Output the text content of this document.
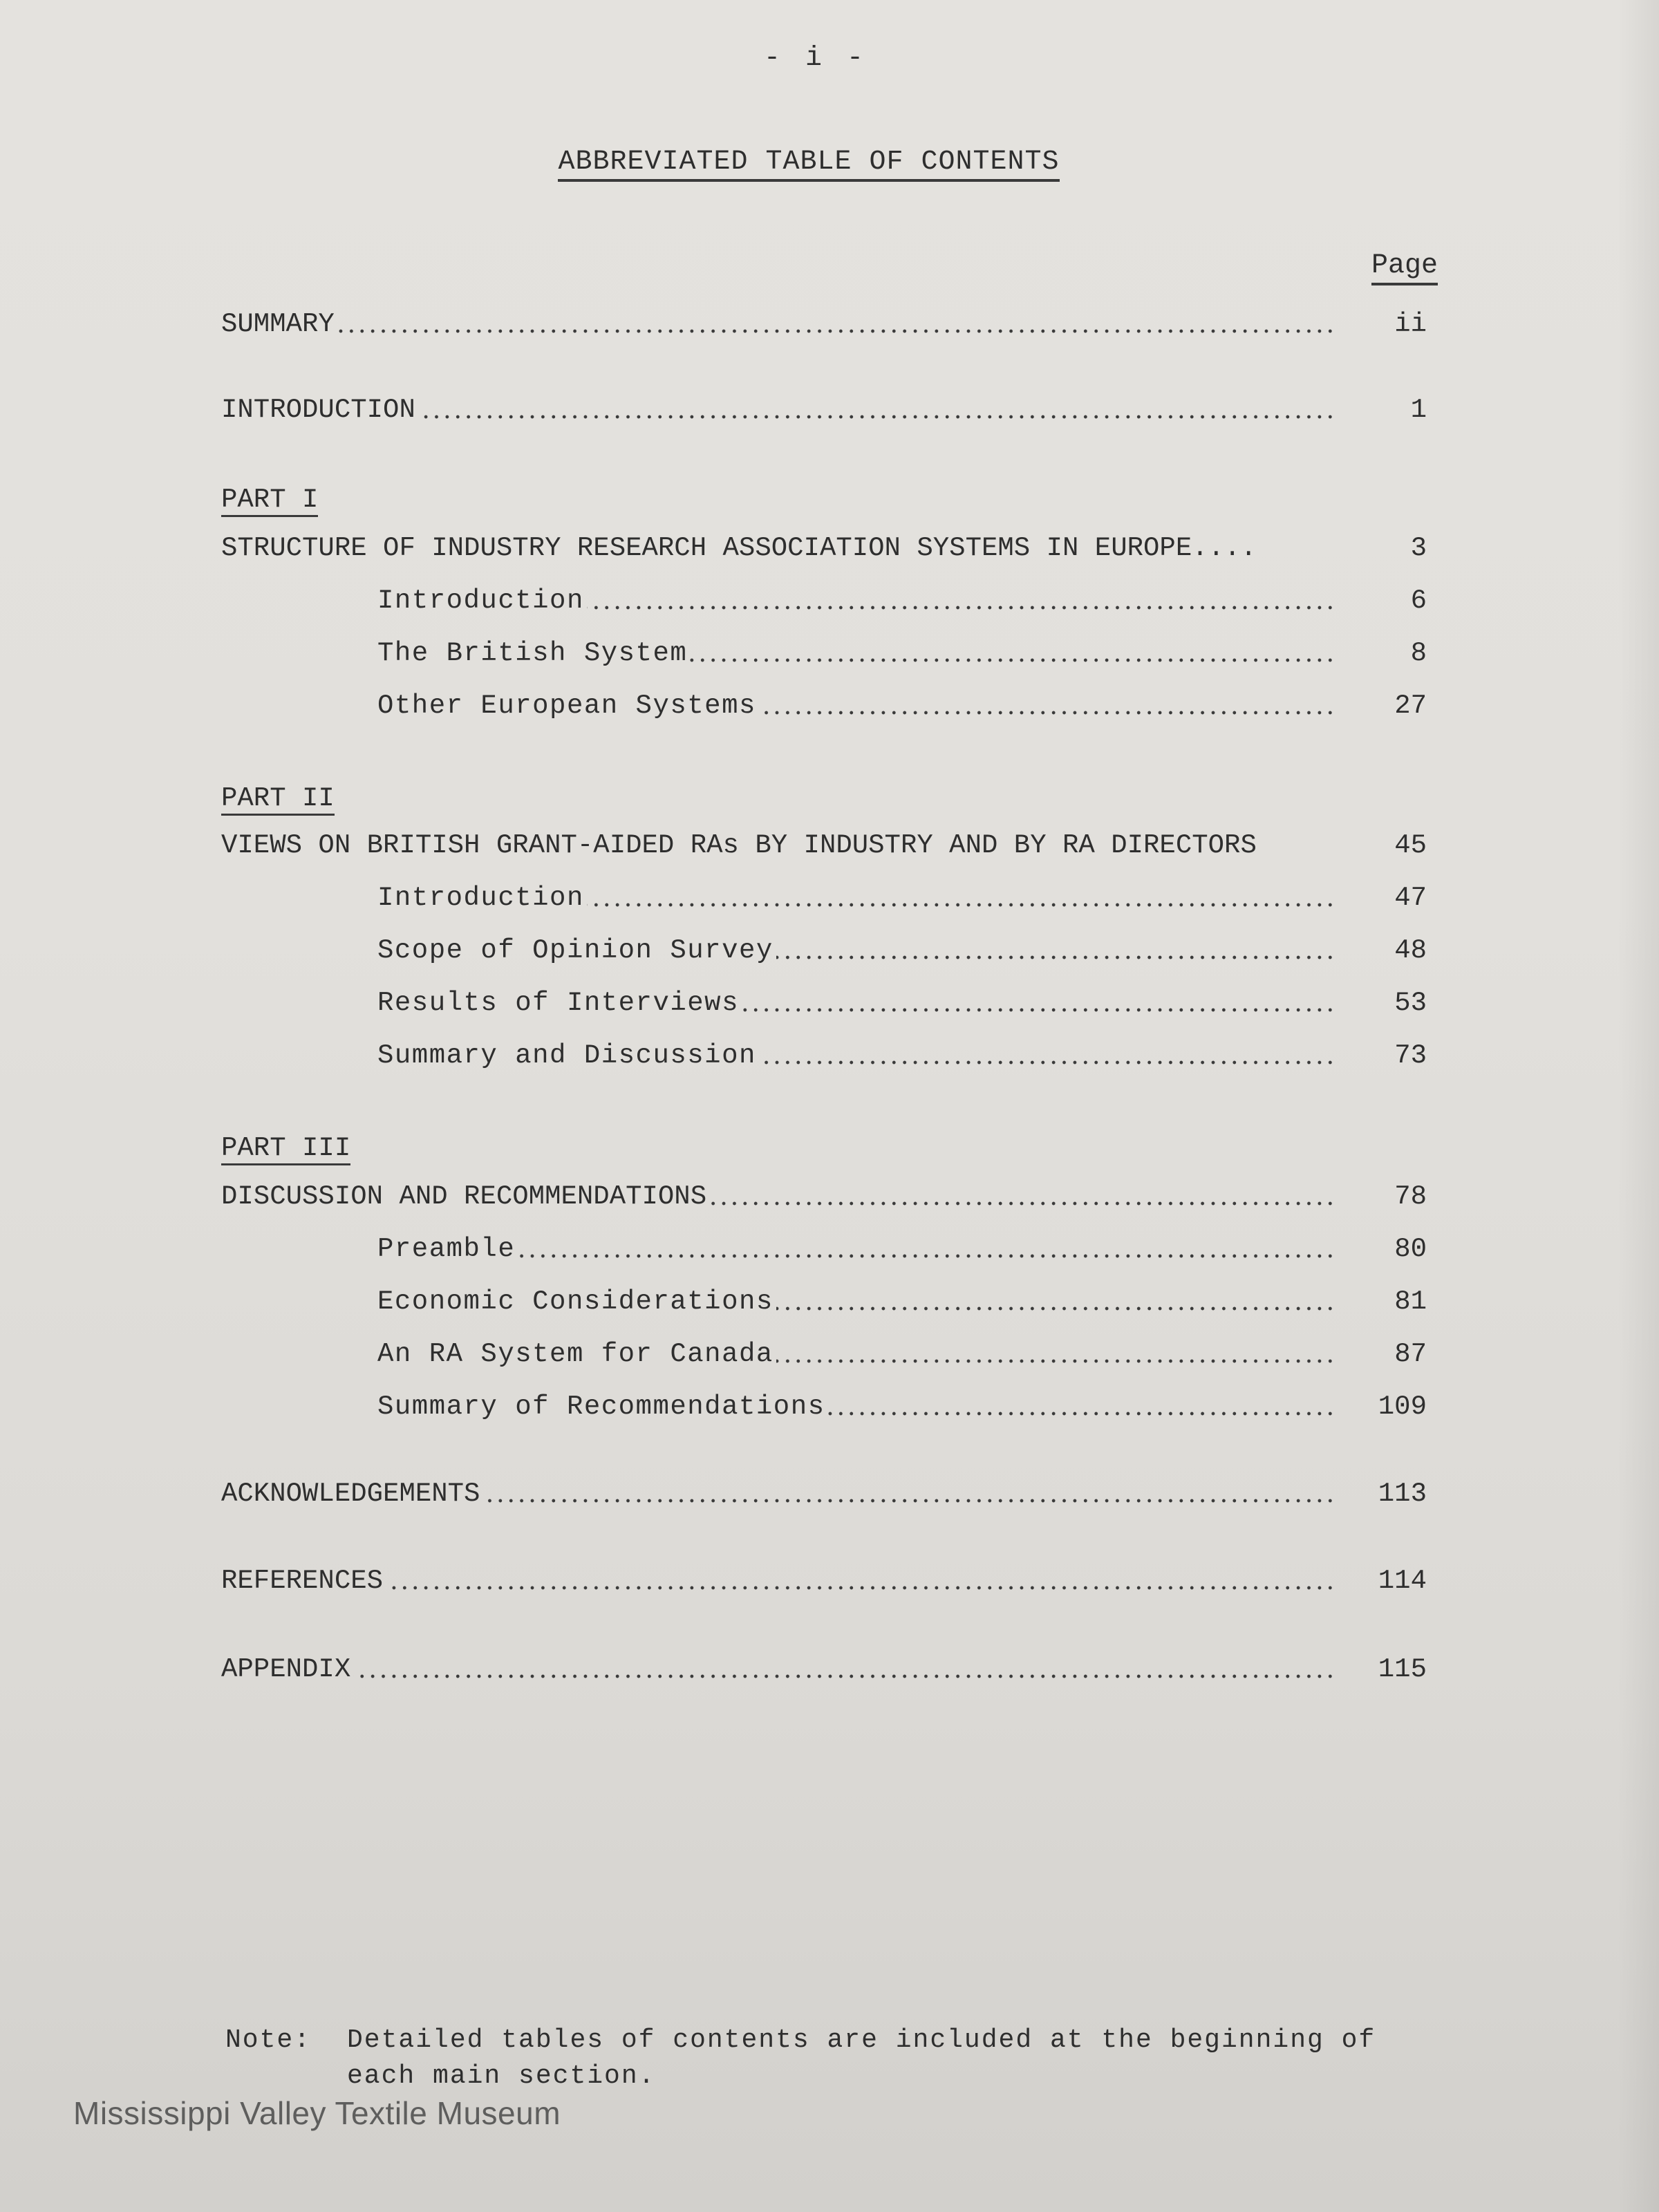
- i -
ABBREVIATED TABLE OF CONTENTS
Page
SUMMARY	ii
INTRODUCTION	1
PART I
STRUCTURE OF INDUSTRY RESEARCH ASSOCIATION SYSTEMS IN EUROPE....	3
Introduction	6
The British System	8
Other European Systems	27
PART II
VIEWS ON BRITISH GRANT-AIDED RAs BY INDUSTRY AND BY RA DIRECTORS	45
Introduction	47
Scope of Opinion Survey	48
Results of Interviews	53
Summary and Discussion	73
PART III
DISCUSSION AND RECOMMENDATIONS	78
Preamble	80
Economic Considerations	81
An RA System for Canada	87
Summary of Recommendations	109
ACKNOWLEDGEMENTS	113
REFERENCES	114
APPENDIX	115
Note: Detailed tables of contents are included at the beginning of each main section.
Mississippi Valley Textile Museum
